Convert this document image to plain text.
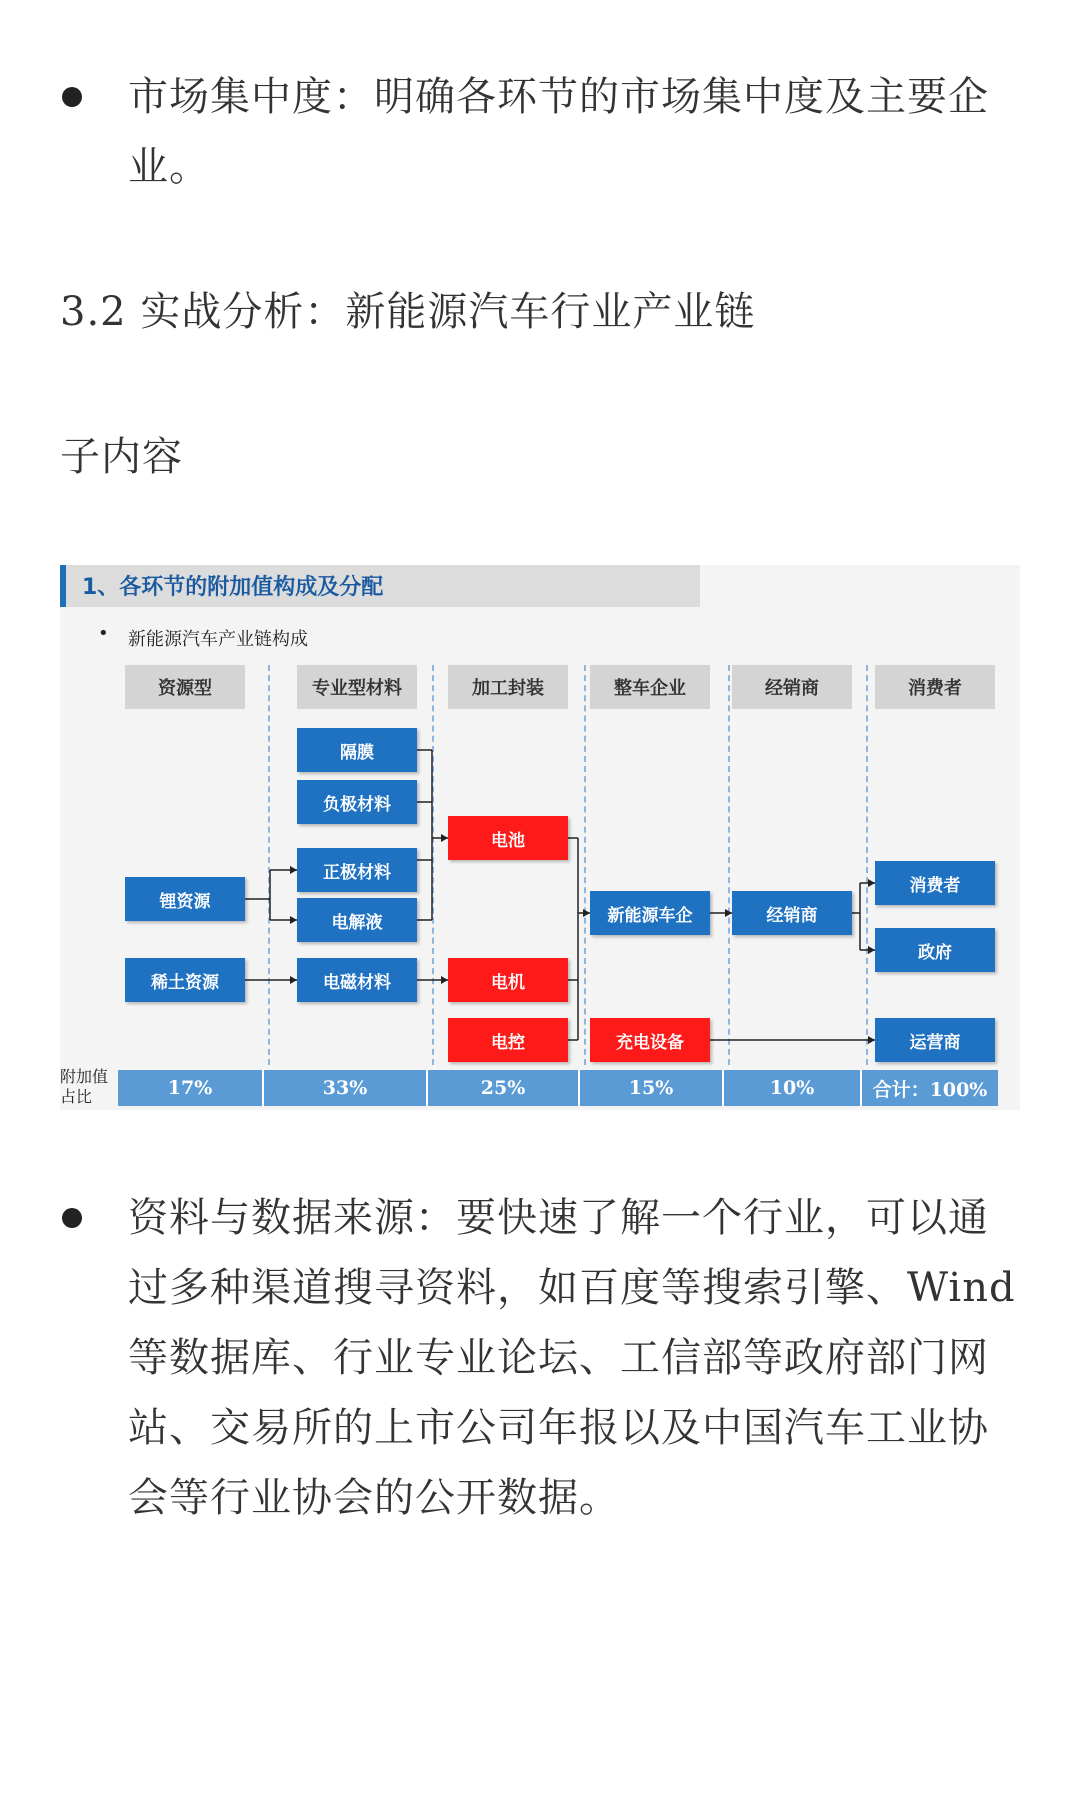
市场集中度：明确各环节的市场集中度及主要企业。
3.2 实战分析：新能源汽车行业产业链
子内容
1、各环节的附加值构成及分配
• 新能源汽车产业链构成
资源型	专业型材料	加工封装	整车企业	经销商	消费者
锂资源
稀土资源
隔膜
负极材料
正极材料
电解液
电磁材料
电池
电机
电控
新能源车企
充电设备
经销商
消费者
政府
运营商
附加值占比	17%	33%	25%	15%	10%	合计：100%
资料与数据来源：要快速了解一个行业，可以通过多种渠道搜寻资料，如百度等搜索引擎、Wind等数据库、行业专业论坛、工信部等政府部门网站、交易所的上市公司年报以及中国汽车工业协会等行业协会的公开数据。
